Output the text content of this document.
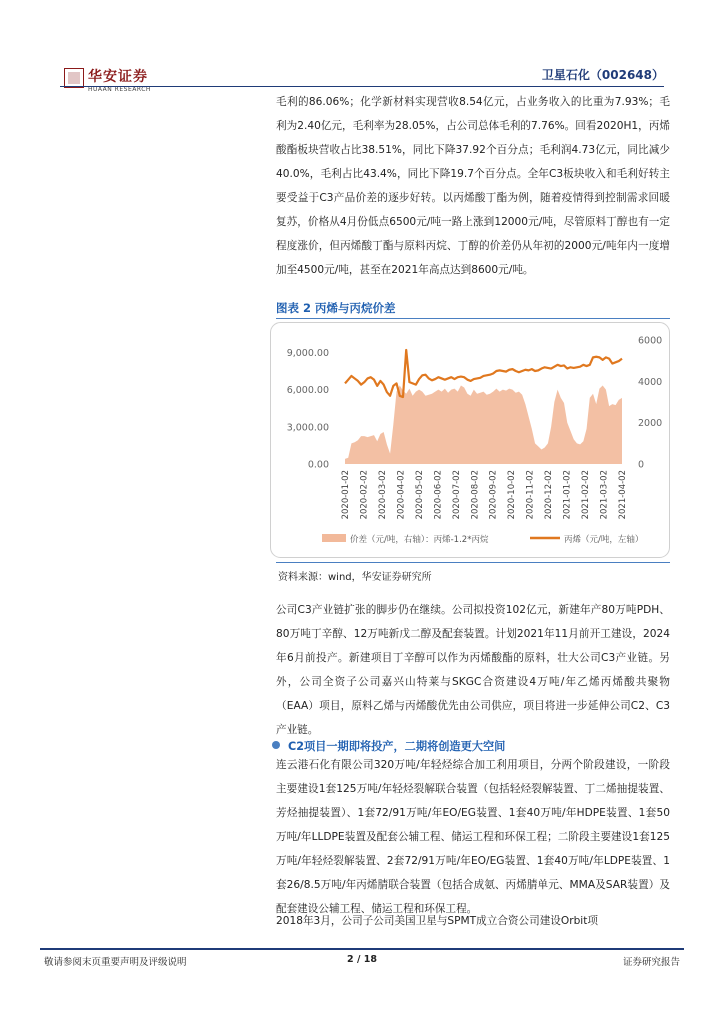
华安证券
HUAAN RESEARCH
卫星石化（002648）

毛利的86.06%；化学新材料实现营收8.54亿元，占业务收入的比重为7.93%；毛利为2.40亿元，毛利率为28.05%，占公司总体毛利的7.76%。回看2020H1，丙烯酸酯板块营收占比38.51%，同比下降37.92个百分点；毛利润4.73亿元，同比减少40.0%，毛利占比43.4%，同比下降19.7个百分点。全年C3板块收入和毛利好转主要受益于C3产品价差的逐步好转。以丙烯酸丁酯为例，随着疫情得到控制需求回暖复苏，价格从4月份低点6500元/吨一路上涨到12000元/吨，尽管原料丁醇也有一定程度涨价，但丙烯酸丁酯与原料丙烷、丁醇的价差仍从年初的2000元/吨年内一度增加至4500元/吨，甚至在2021年高点达到8600元/吨。

图表 2 丙烯与丙烷价差
0.00
3,000.00
6,000.00
9,000.00
0
2000
4000
6000
2020-01-02 2020-02-02 2020-03-02 2020-04-02 2020-05-02 2020-06-02 2020-07-02 2020-08-02 2020-09-02 2020-10-02 2020-11-02 2020-12-02 2021-01-02 2021-02-02 2021-03-02 2021-04-02
价差（元/吨，右轴）：丙烯-1.2*丙烷	丙烯（元/吨，左轴）
资料来源：wind，华安证券研究所

公司C3产业链扩张的脚步仍在继续。公司拟投资102亿元，新建年产80万吨PDH、80万吨丁辛醇、12万吨新戊二醇及配套装置。计划2021年11月前开工建设，2024年6月前投产。新建项目丁辛醇可以作为丙烯酸酯的原料，壮大公司C3产业链。另外，公司全资子公司嘉兴山特莱与SKGC合资建设4万吨/年乙烯丙烯酸共聚物（EAA）项目，原料乙烯与丙烯酸优先由公司供应，项目将进一步延伸公司C2、C3产业链。

C2项目一期即将投产，二期将创造更大空间

连云港石化有限公司320万吨/年轻烃综合加工利用项目，分两个阶段建设，一阶段主要建设1套125万吨/年轻烃裂解联合装置（包括轻烃裂解装置、丁二烯抽提装置、芳烃抽提装置）、1套72/91万吨/年EO/EG装置、1套40万吨/年HDPE装置、1套50万吨/年LLDPE装置及配套公辅工程、储运工程和环保工程；二阶段主要建设1套125万吨/年轻烃裂解装置、2套72/91万吨/年EO/EG装置、1套40万吨/年LDPE装置、1套26/8.5万吨/年丙烯腈联合装置（包括合成氨、丙烯腈单元、MMA及SAR装置）及配套建设公辅工程、储运工程和环保工程。

2018年3月，公司子公司美国卫星与SPMT成立合资公司建设Orbit项

敬请参阅末页重要声明及评级说明	2 / 18	证券研究报告
